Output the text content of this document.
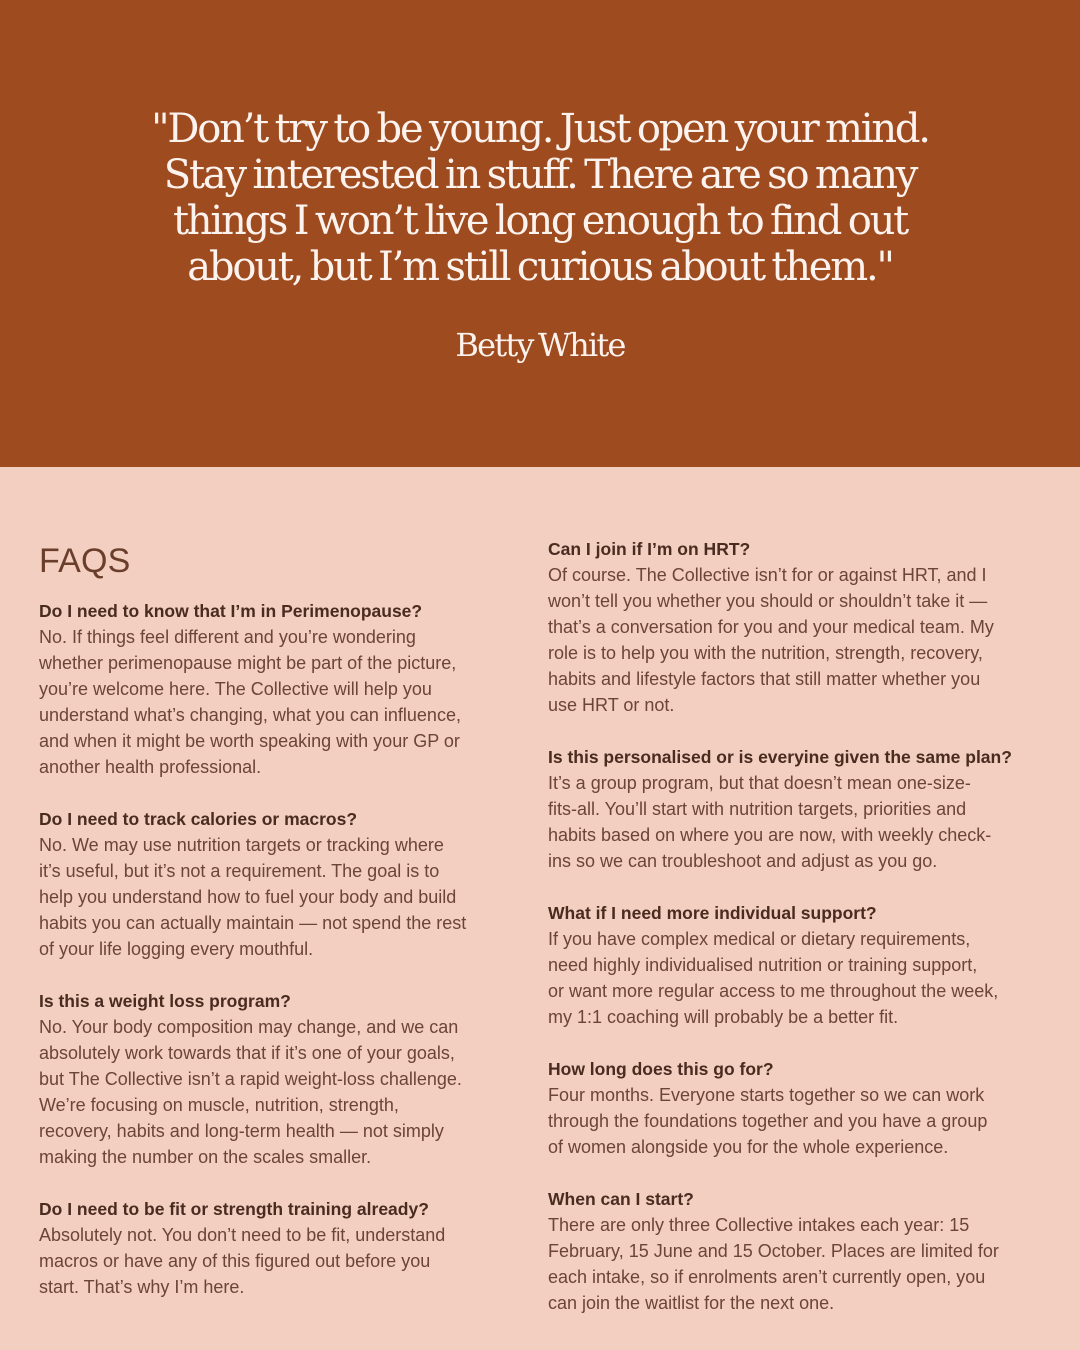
"Don’t try to be young. Just open your mind.
Stay interested in stuff. There are so many
things I won’t live long enough to find out
about, but I’m still curious about them."
Betty White
FAQS
Do I need to know that I’m in Perimenopause?
No. If things feel different and you’re wondering
whether perimenopause might be part of the picture,
you’re welcome here. The Collective will help you
understand what’s changing, what you can influence,
and when it might be worth speaking with your GP or
another health professional.
Do I need to track calories or macros?
No. We may use nutrition targets or tracking where
it’s useful, but it’s not a requirement. The goal is to
help you understand how to fuel your body and build
habits you can actually maintain — not spend the rest
of your life logging every mouthful.
Is this a weight loss program?
No. Your body composition may change, and we can
absolutely work towards that if it’s one of your goals,
but The Collective isn’t a rapid weight-loss challenge.
We’re focusing on muscle, nutrition, strength,
recovery, habits and long-term health — not simply
making the number on the scales smaller.
Do I need to be fit or strength training already?
Absolutely not. You don’t need to be fit, understand
macros or have any of this figured out before you
start. That’s why I’m here.
Can I join if I’m on HRT?
Of course. The Collective isn’t for or against HRT, and I
won’t tell you whether you should or shouldn’t take it —
that’s a conversation for you and your medical team. My
role is to help you with the nutrition, strength, recovery,
habits and lifestyle factors that still matter whether you
use HRT or not.
Is this personalised or is everyine given the same plan?
It’s a group program, but that doesn’t mean one-size-
fits-all. You’ll start with nutrition targets, priorities and
habits based on where you are now, with weekly check-
ins so we can troubleshoot and adjust as you go.
What if I need more individual support?
If you have complex medical or dietary requirements,
need highly individualised nutrition or training support,
or want more regular access to me throughout the week,
my 1:1 coaching will probably be a better fit.
How long does this go for?
Four months. Everyone starts together so we can work
through the foundations together and you have a group
of women alongside you for the whole experience.
When can I start?
There are only three Collective intakes each year: 15
February, 15 June and 15 October. Places are limited for
each intake, so if enrolments aren’t currently open, you
can join the waitlist for the next one.
